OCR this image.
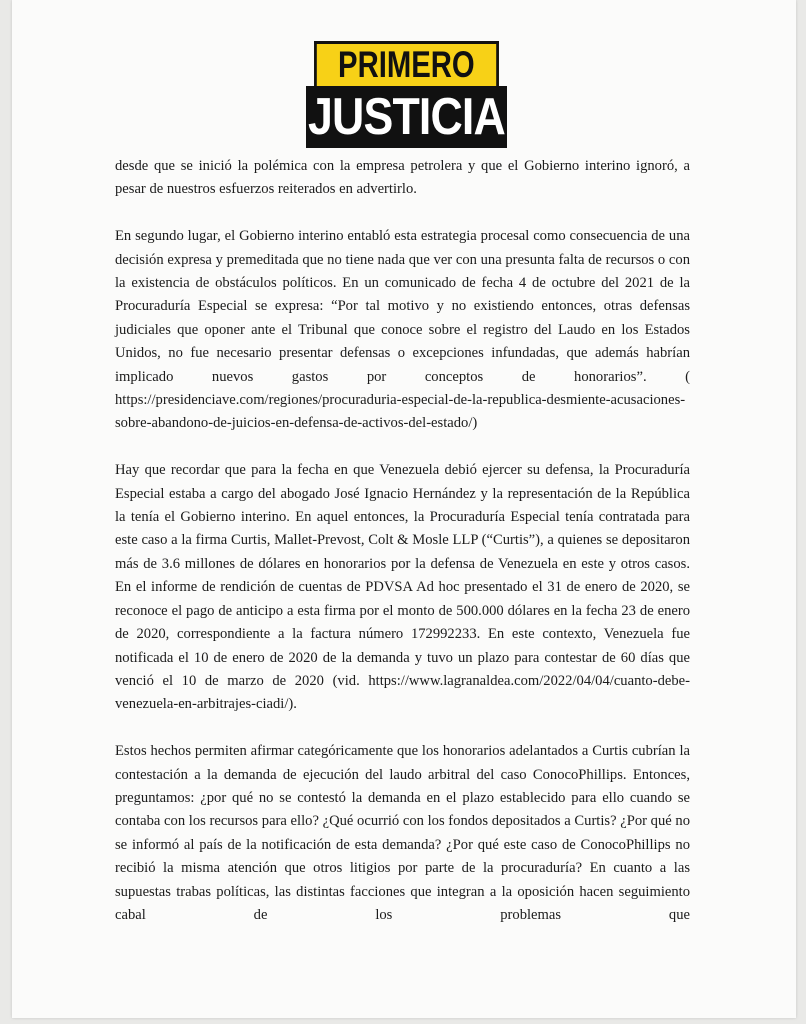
PRIMERO
JUSTICIA

desde que se inició la polémica con la empresa petrolera y que el Gobierno interino ignoró, a pesar de nuestros esfuerzos reiterados en advertirlo.

En segundo lugar, el Gobierno interino entabló esta estrategia procesal como consecuencia de una decisión expresa y premeditada que no tiene nada que ver con una presunta falta de recursos o con la existencia de obstáculos políticos. En un comunicado de fecha 4 de octubre del 2021 de la Procuraduría Especial se expresa: “Por tal motivo y no existiendo entonces, otras defensas judiciales que oponer ante el Tribunal que conoce sobre el registro del Laudo en los Estados Unidos, no fue necesario presentar defensas o excepciones infundadas, que además habrían implicado nuevos gastos por conceptos de honorarios”. ( https://presidenciave.com/regiones/procuraduria-especial-de-la-republica-desmiente-acusaciones-sobre-abandono-de-juicios-en-defensa-de-activos-del-estado/)

Hay que recordar que para la fecha en que Venezuela debió ejercer su defensa, la Procuraduría Especial estaba a cargo del abogado José Ignacio Hernández y la representación de la República la tenía el Gobierno interino. En aquel entonces, la Procuraduría Especial tenía contratada para este caso a la firma Curtis, Mallet-Prevost, Colt & Mosle LLP (“Curtis”), a quienes se depositaron más de 3.6 millones de dólares en honorarios por la defensa de Venezuela en este y otros casos. En el informe de rendición de cuentas de PDVSA Ad hoc presentado el 31 de enero de 2020, se reconoce el pago de anticipo a esta firma por el monto de 500.000 dólares en la fecha 23 de enero de 2020, correspondiente a la factura número 172992233. En este contexto, Venezuela fue notificada el 10 de enero de 2020 de la demanda y tuvo un plazo para contestar de 60 días que venció el 10 de marzo de 2020 (vid. https://www.lagranaldea.com/2022/04/04/cuanto-debe-venezuela-en-arbitrajes-ciadi/).

Estos hechos permiten afirmar categóricamente que los honorarios adelantados a Curtis cubrían la contestación a la demanda de ejecución del laudo arbitral del caso ConocoPhillips. Entonces, preguntamos: ¿por qué no se contestó la demanda en el plazo establecido para ello cuando se contaba con los recursos para ello? ¿Qué ocurrió con los fondos depositados a Curtis? ¿Por qué no se informó al país de la notificación de esta demanda? ¿Por qué este caso de ConocoPhillips no recibió la misma atención que otros litigios por parte de la procuraduría? En cuanto a las supuestas trabas políticas, las distintas facciones que integran a la oposición hacen seguimiento cabal de los problemas que
